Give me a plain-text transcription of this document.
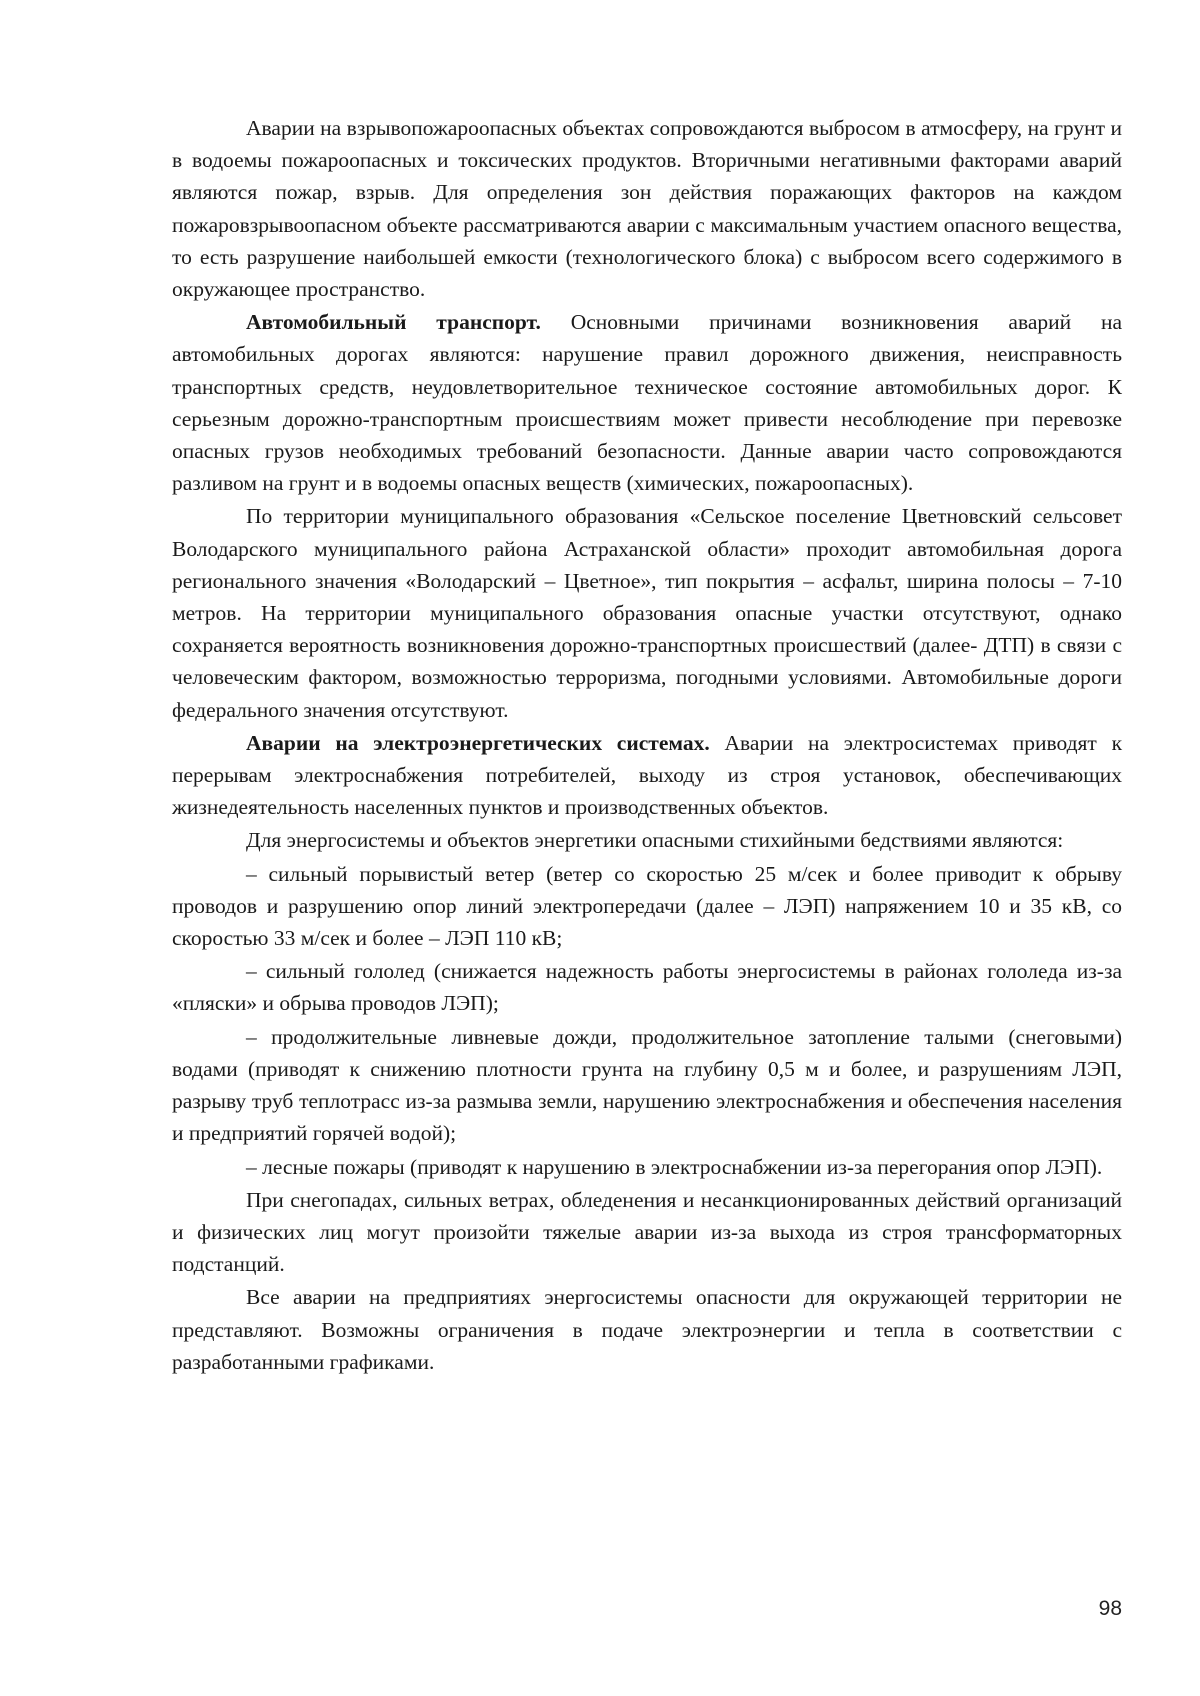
Аварии на взрывопожароопасных объектах сопровождаются выбросом в атмосферу, на грунт и в водоемы пожароопасных и токсических продуктов. Вторичными негативными факторами аварий являются пожар, взрыв. Для определения зон действия поражающих факторов на каждом пожаровзрывоопасном объекте рассматриваются аварии с максимальным участием опасного вещества, то есть разрушение наибольшей емкости (технологического блока) с выбросом всего содержимого в окружающее пространство.

Автомобильный транспорт. Основными причинами возникновения аварий на автомобильных дорогах являются: нарушение правил дорожного движения, неисправность транспортных средств, неудовлетворительное техническое состояние автомобильных дорог. К серьезным дорожно-транспортным происшествиям может привести несоблюдение при перевозке опасных грузов необходимых требований безопасности. Данные аварии часто сопровождаются разливом на грунт и в водоемы опасных веществ (химических, пожароопасных).

По территории муниципального образования «Сельское поселение Цветновский сельсовет Володарского муниципального района Астраханской области» проходит автомобильная дорога регионального значения «Володарский – Цветное», тип покрытия – асфальт, ширина полосы – 7-10 метров. На территории муниципального образования опасные участки отсутствуют, однако сохраняется вероятность возникновения дорожно-транспортных происшествий (далее- ДТП) в связи с человеческим фактором, возможностью терроризма, погодными условиями. Автомобильные дороги федерального значения отсутствуют.

Аварии на электроэнергетических системах. Аварии на электросистемах приводят к перерывам электроснабжения потребителей, выходу из строя установок, обеспечивающих жизнедеятельность населенных пунктов и производственных объектов.

Для энергосистемы и объектов энергетики опасными стихийными бедствиями являются:

– сильный порывистый ветер (ветер со скоростью 25 м/сек и более приводит к обрыву проводов и разрушению опор линий электропередачи (далее – ЛЭП) напряжением 10 и 35 кВ, со скоростью 33 м/сек и более – ЛЭП 110 кВ;

– сильный гололед (снижается надежность работы энергосистемы в районах гололеда из-за «пляски» и обрыва проводов ЛЭП);

– продолжительные ливневые дожди, продолжительное затопление талыми (снеговыми) водами (приводят к снижению плотности грунта на глубину 0,5 м и более, и разрушениям ЛЭП, разрыву труб теплотрасс из-за размыва земли, нарушению электроснабжения и обеспечения населения и предприятий горячей водой);

– лесные пожары (приводят к нарушению в электроснабжении из-за перегорания опор ЛЭП).

При снегопадах, сильных ветрах, обледенения и несанкционированных действий организаций и физических лиц могут произойти тяжелые аварии из-за выхода из строя трансформаторных подстанций.

Все аварии на предприятиях энергосистемы опасности для окружающей территории не представляют. Возможны ограничения в подаче электроэнергии и тепла в соответствии с разработанными графиками.

98
